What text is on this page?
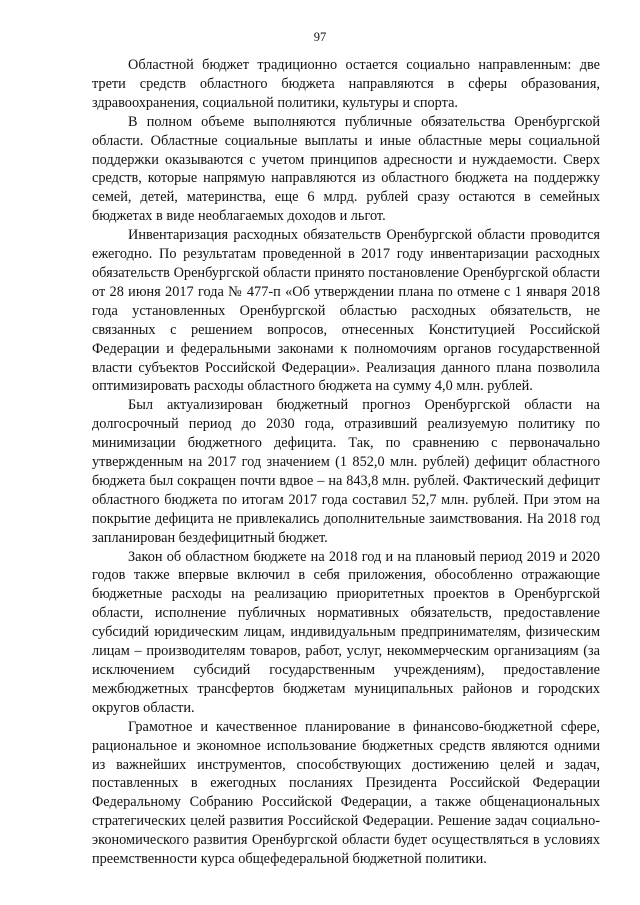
97

Областной бюджет традиционно остается социально направленным: две трети средств областного бюджета направляются в сферы образования, здравоохранения, социальной политики, культуры и спорта.

В полном объеме выполняются публичные обязательства Оренбургской области. Областные социальные выплаты и иные областные меры социальной поддержки оказываются с учетом принципов адресности и нуждаемости. Сверх средств, которые напрямую направляются из областного бюджета на поддержку семей, детей, материнства, еще 6 млрд. рублей сразу остаются в семейных бюджетах в виде необлагаемых доходов и льгот.

Инвентаризация расходных обязательств Оренбургской области проводится ежегодно. По результатам проведенной в 2017 году инвентаризации расходных обязательств Оренбургской области принято постановление Оренбургской области от 28 июня 2017 года № 477-п «Об утверждении плана по отмене с 1 января 2018 года установленных Оренбургской областью расходных обязательств, не связанных с решением вопросов, отнесенных Конституцией Российской Федерации и федеральными законами к полномочиям органов государственной власти субъектов Российской Федерации». Реализация данного плана позволила оптимизировать расходы областного бюджета на сумму 4,0 млн. рублей.

Был актуализирован бюджетный прогноз Оренбургской области на долгосрочный период до 2030 года, отразивший реализуемую политику по минимизации бюджетного дефицита. Так, по сравнению с первоначально утвержденным на 2017 год значением (1 852,0 млн. рублей) дефицит областного бюджета был сокращен почти вдвое – на 843,8 млн. рублей. Фактический дефицит областного бюджета по итогам 2017 года составил 52,7 млн. рублей. При этом на покрытие дефицита не привлекались дополнительные заимствования. На 2018 год запланирован бездефицитный бюджет.

Закон об областном бюджете на 2018 год и на плановый период 2019 и 2020 годов также впервые включил в себя приложения, обособленно отражающие бюджетные расходы на реализацию приоритетных проектов в Оренбургской области, исполнение публичных нормативных обязательств, предоставление субсидий юридическим лицам, индивидуальным предпринимателям, физическим лицам – производителям товаров, работ, услуг, некоммерческим организациям (за исключением субсидий государственным учреждениям), предоставление межбюджетных трансфертов бюджетам муниципальных районов и городских округов области.

Грамотное и качественное планирование в финансово-бюджетной сфере, рациональное и экономное использование бюджетных средств являются одними из важнейших инструментов, способствующих достижению целей и задач, поставленных в ежегодных посланиях Президента Российской Федерации Федеральному Собранию Российской Федерации, а также общенациональных стратегических целей развития Российской Федерации. Решение задач социально-экономического развития Оренбургской области будет осуществляться в условиях преемственности курса общефедеральной бюджетной политики.
